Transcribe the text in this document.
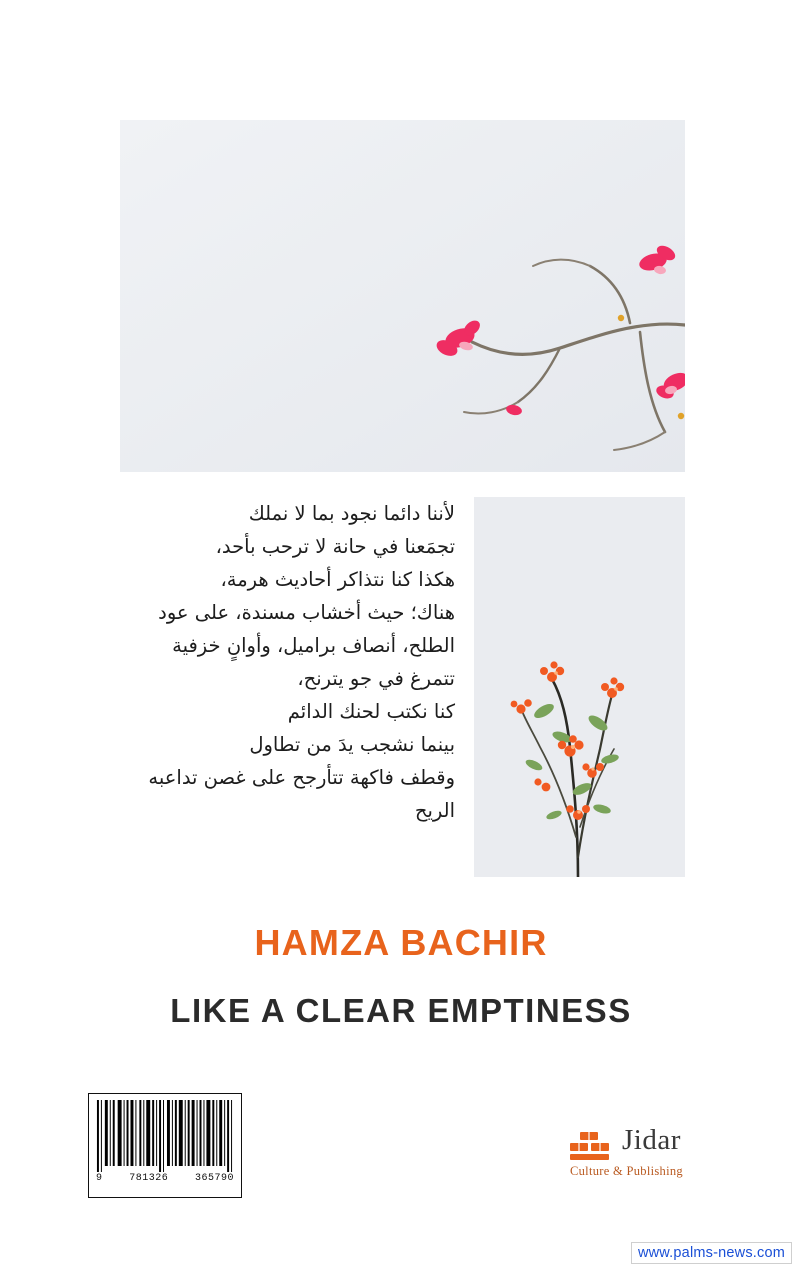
لأننا دائما نجود بما لا نملك
تجمَعنا في حانة لا ترحب بأحد،
هكذا كنا نتذاكر أحاديث هرمة،
هناك؛ حيث أخشاب مسندة، على عود
الطلح، أنصاف براميل، وأوانٍ خزفية
تتمرغ في جو يترنح،
كنا نكتب لحنك الدائم
بينما نشجب يدَ من تطاول
وقطف فاكهة تتأرجح على غصن تداعبه
الريح
HAMZA BACHIR
LIKE A CLEAR EMPTINESS
9	781326	365790
Jidar
Culture & Publishing
www.palms-news.com
